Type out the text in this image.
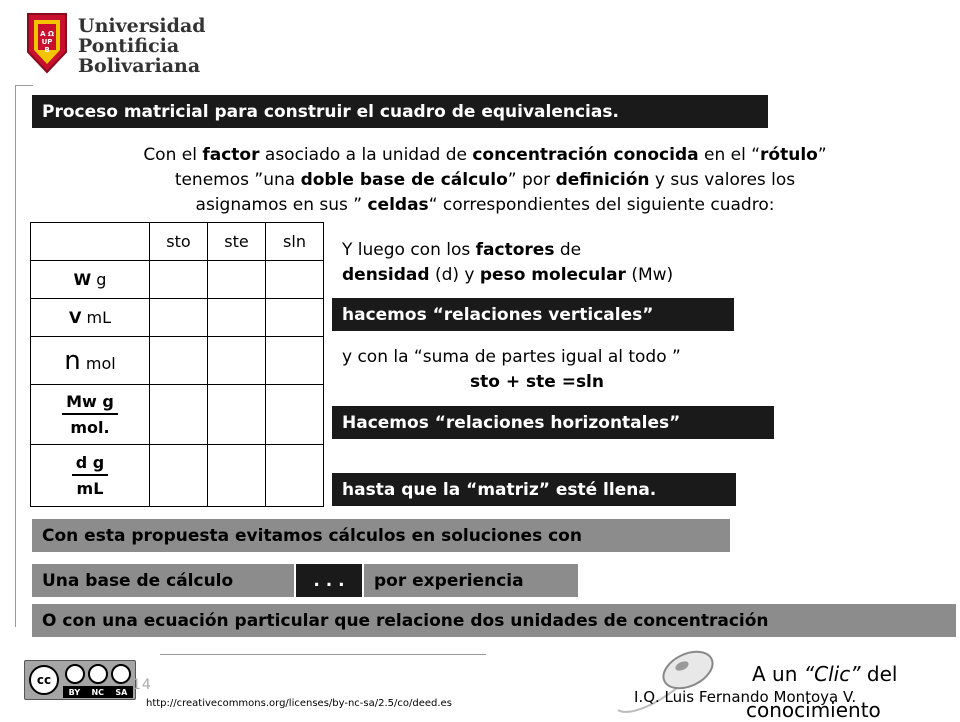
A Ω UPB
Universidad
Pontificia
Bolivariana
Proceso matricial para construir el cuadro de equivalencias.
Con el factor asociado a la unidad de concentración conocida en el “rótulo”
tenemos ”una doble base de cálculo” por definición y sus valores los
asignamos en sus ” celdas“ correspondientes del siguiente cuadro:
	sto	ste	sln
W g			
V mL			
n mol			

$\frac{\text{Mw g}}{\text{mol.}}$

$\frac{\text{d g}}{mL}$

Y luego con los factores de
densidad (d) y peso molecular (Mw)
hacemos “relaciones verticales”
y con la “suma de partes igual al todo ”
sto + ste =sln
Hacemos “relaciones horizontales”
hasta que la “matriz” esté llena.
Con esta propuesta evitamos cálculos en soluciones con
Una base de cálculo	. . .	por experiencia
O con una ecuación particular que relacione dos unidades de concentración
cc
BY NC SA 14
http://creativecommons.org/licenses/by-nc-sa/2.5/co/deed.es
A un “Clic” del
I.Q. Luis Fernando Montoya V.
conocimiento
